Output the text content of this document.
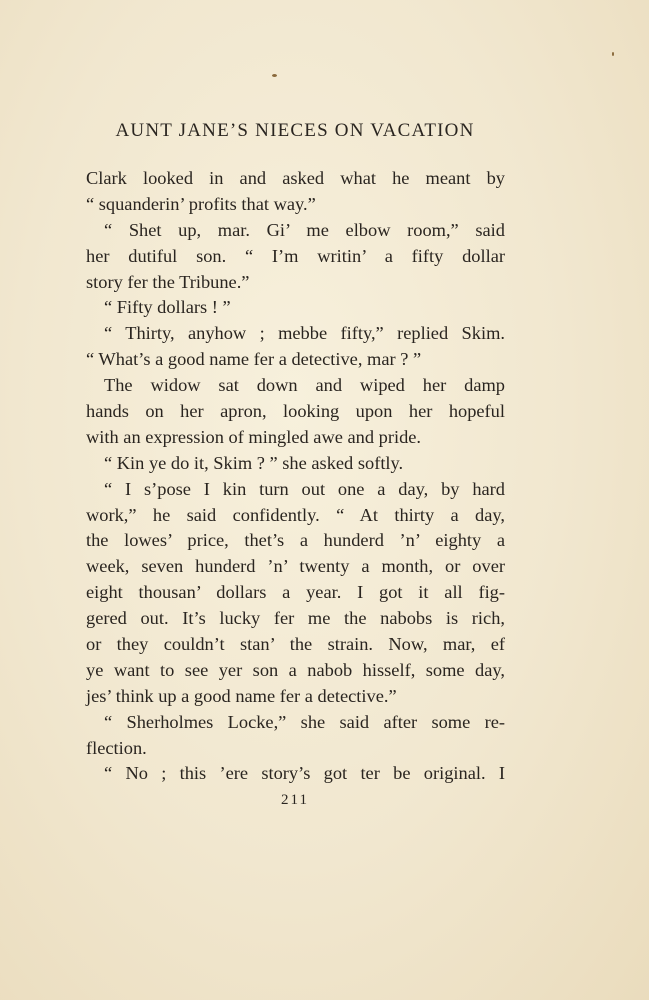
AUNT JANE’S NIECES ON VACATION
Clark looked in and asked what he meant by
“ squanderin’ profits that way.”
“ Shet up, mar. Gi’ me elbow room,” said
her dutiful son. “ I’m writin’ a fifty dollar
story fer the Tribune.”
“ Fifty dollars ! ”
“ Thirty, anyhow ; mebbe fifty,” replied Skim.
“ What’s a good name fer a detective, mar ? ”
The widow sat down and wiped her damp
hands on her apron, looking upon her hopeful
with an expression of mingled awe and pride.
“ Kin ye do it, Skim ? ” she asked softly.
“ I s’pose I kin turn out one a day, by hard
work,” he said confidently. “ At thirty a day,
the lowes’ price, thet’s a hunderd ’n’ eighty a
week, seven hunderd ’n’ twenty a month, or over
eight thousan’ dollars a year. I got it all fig-
gered out. It’s lucky fer me the nabobs is rich,
or they couldn’t stan’ the strain. Now, mar, ef
ye want to see yer son a nabob hisself, some day,
jes’ think up a good name fer a detective.”
“ Sherholmes Locke,” she said after some re-
flection.
“ No ; this ’ere story’s got ter be original. I
211
